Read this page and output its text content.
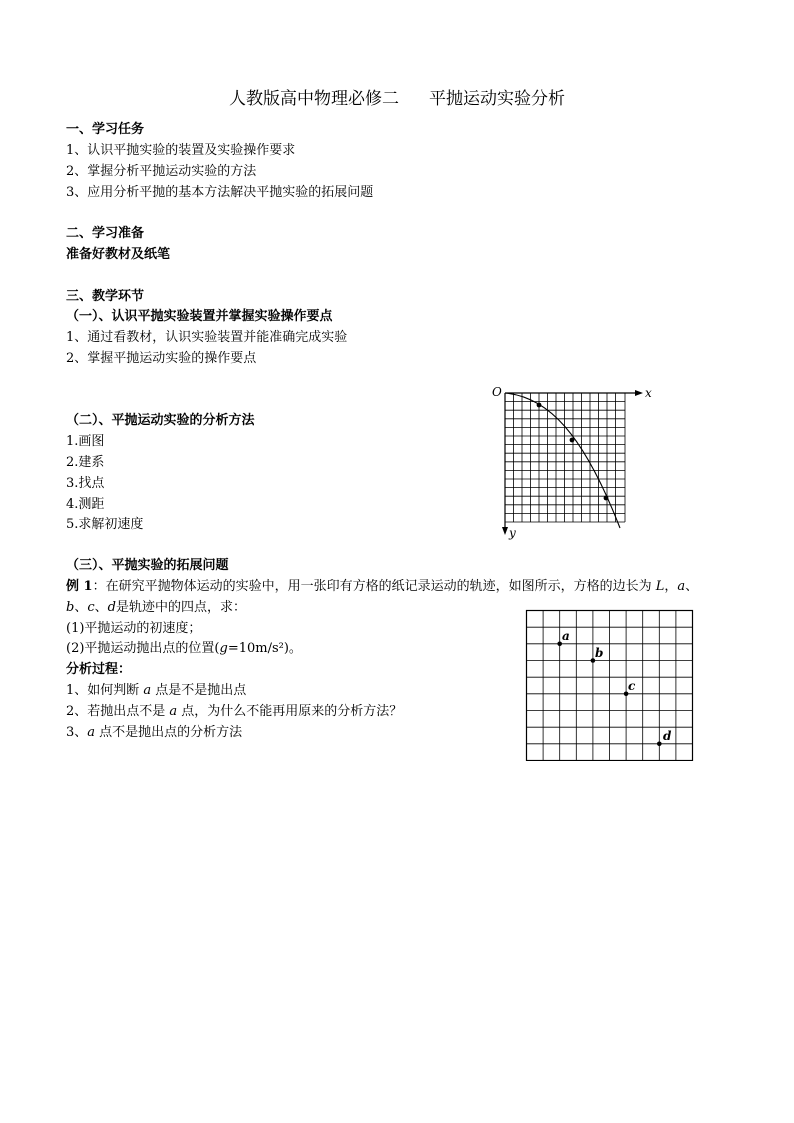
人教版高中物理必修二 平抛运动实验分析
一、学习任务
1、认识平抛实验的装置及实验操作要求
2、掌握分析平抛运动实验的方法
3、应用分析平抛的基本方法解决平抛实验的拓展问题
二、学习准备
准备好教材及纸笔
三、教学环节
（一）、认识平抛实验装置并掌握实验操作要点
1、通过看教材，认识实验装置并能准确完成实验
2、掌握平抛运动实验的操作要点
（二）、平抛运动实验的分析方法
1.画图
2.建系
3.找点
4.测距
5.求解初速度
O	x
y
（三）、平抛实验的拓展问题
例 1：在研究平抛物体运动的实验中，用一张印有方格的纸记录运动的轨迹，如图所示，方格的边长为 L，a、
b、c、d是轨迹中的四点，求：
(1)平抛运动的初速度；
(2)平抛运动抛出点的位置(g=10m/s²)。
分析过程：
1、如何判断 a 点是不是抛出点
2、若抛出点不是 a 点，为什么不能再用原来的分析方法？
3、a 点不是抛出点的分析方法
a
b
c
d
